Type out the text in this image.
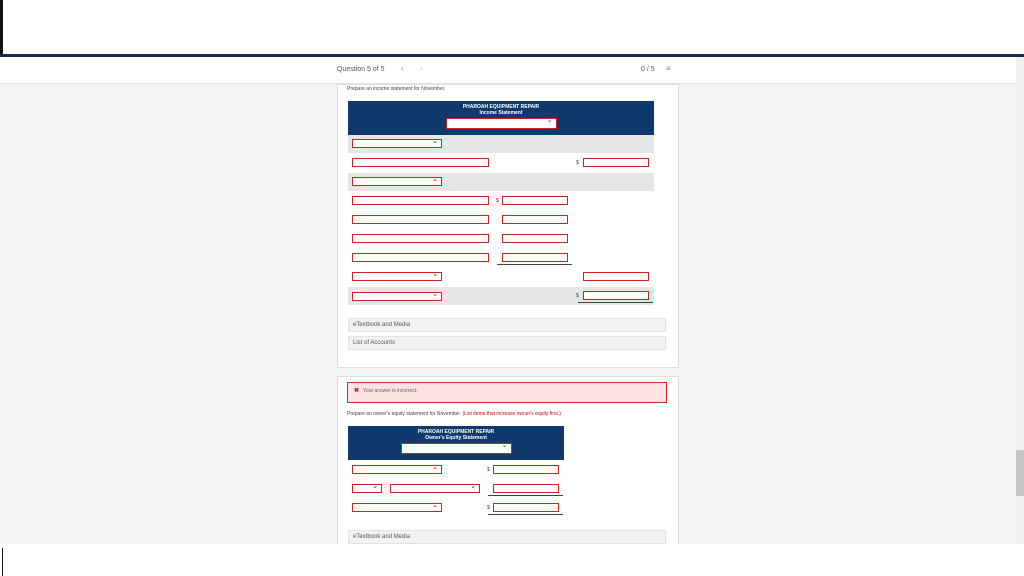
Question 5 of 5 ‹ ›	0 / 5 ≡
Prepare an income statement for November.
PHAROAH EQUIPMENT REPAIR
Income Statement
⌄
⌄
$
⌄
$
⌄
⌄
$
eTextbook and Media
List of Accounts
✖ Your answer is incorrect.
Prepare an owner's equity statement for November. (List items that increase owner's equity first.)
PHAROAH EQUIPMENT REPAIR
Owner's Equity Statement
⌄
⌄
$
⌄
:
⌄
⌄
$
eTextbook and Media
